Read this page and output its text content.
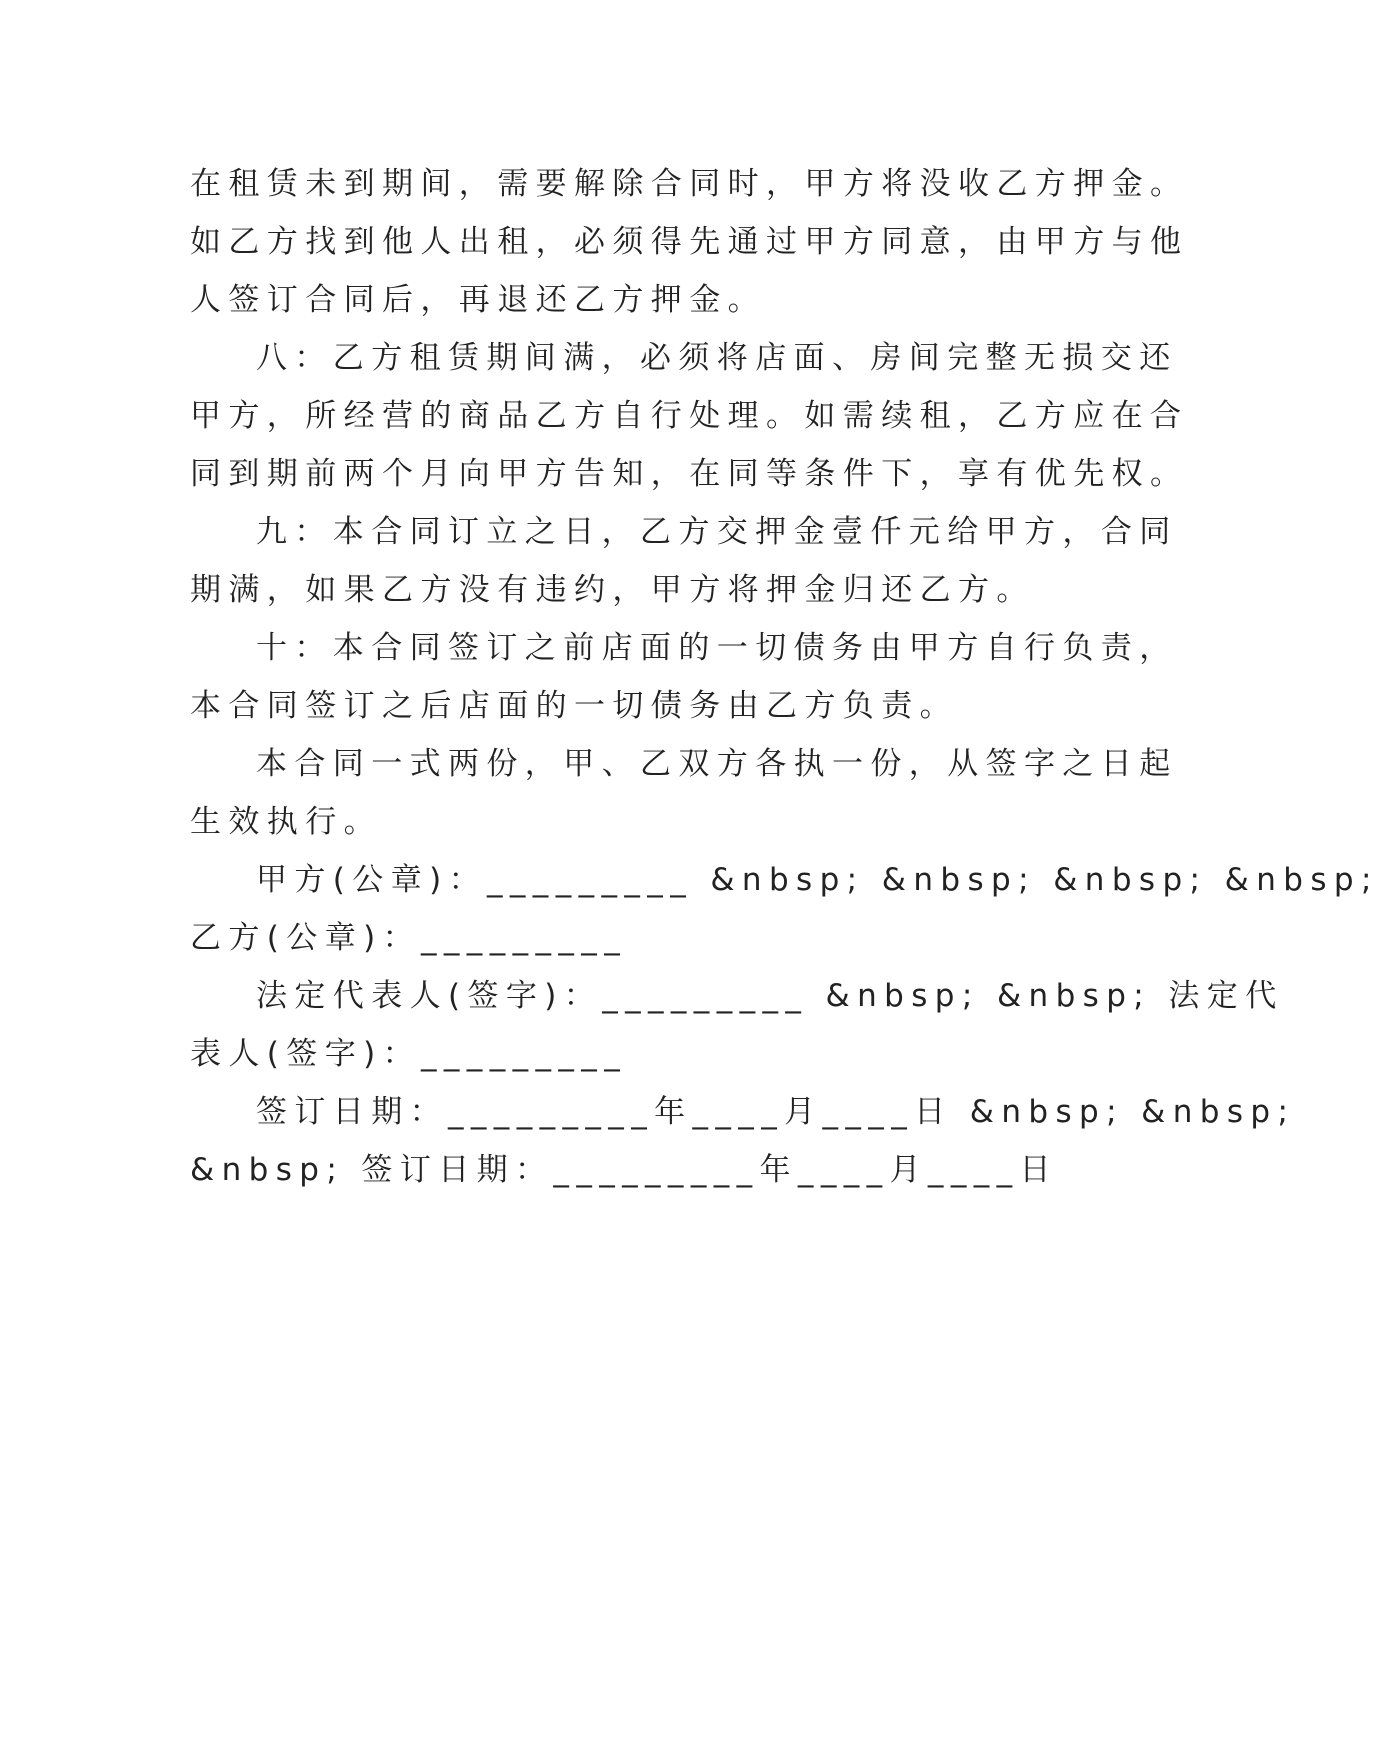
在租赁未到期间，需要解除合同时，甲方将没收乙方押金。
如乙方找到他人出租，必须得先通过甲方同意，由甲方与他
人签订合同后，再退还乙方押金。
八：乙方租赁期间满，必须将店面、房间完整无损交还
甲方，所经营的商品乙方自行处理。如需续租，乙方应在合
同到期前两个月向甲方告知，在同等条件下，享有优先权。
九：本合同订立之日，乙方交押金壹仟元给甲方，合同
期满，如果乙方没有违约，甲方将押金归还乙方。
十：本合同签订之前店面的一切债务由甲方自行负责，
本合同签订之后店面的一切债务由乙方负责。
本合同一式两份，甲、乙双方各执一份，从签字之日起
生效执行。
甲方(公章)：_________ &nbsp; &nbsp; &nbsp; &nbsp;
乙方(公章)：_________
法定代表人(签字)：_________ &nbsp; &nbsp; 法定代
表人(签字)：_________
签订日期：_________年____月____日 &nbsp; &nbsp;
&nbsp; 签订日期：_________年____月____日
